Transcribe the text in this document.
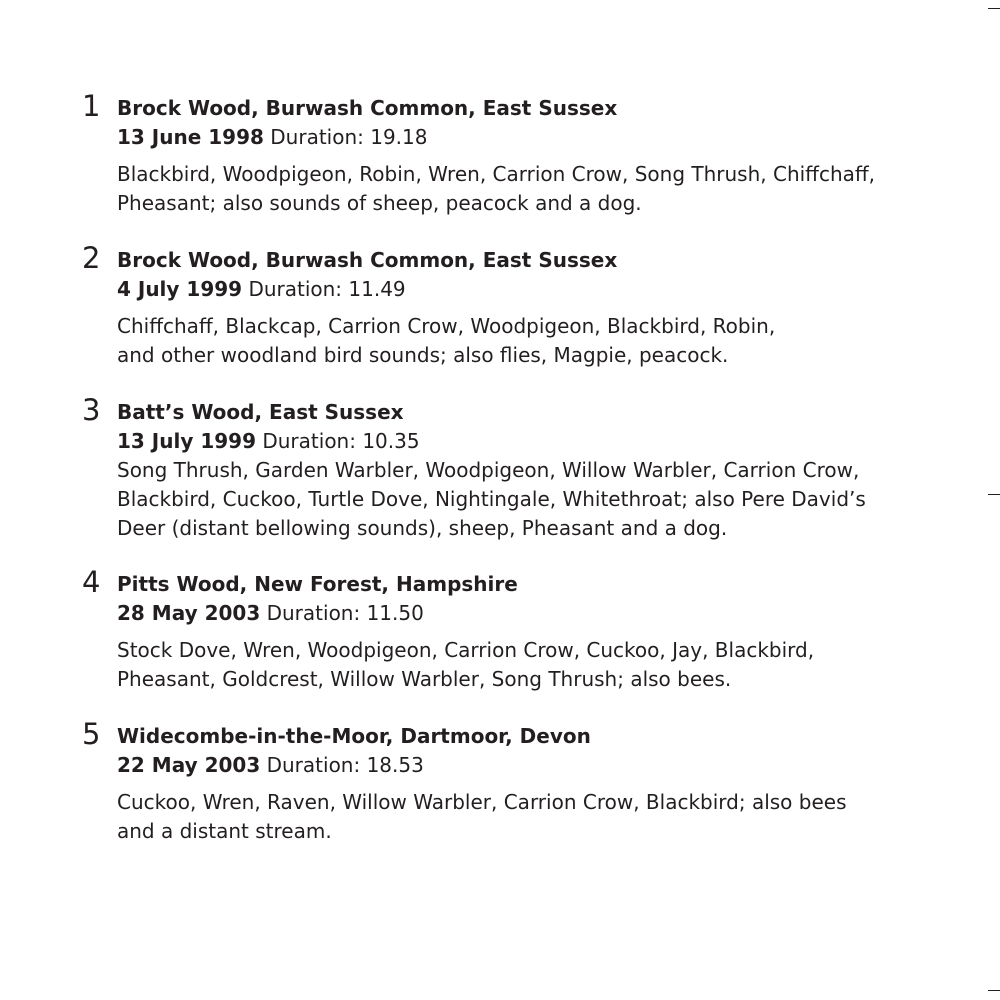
1 Brock Wood, Burwash Common, East Sussex
13 June 1998 Duration: 19.18
Blackbird, Woodpigeon, Robin, Wren, Carrion Crow, Song Thrush, Chiffchaff,
Pheasant; also sounds of sheep, peacock and a dog.
2 Brock Wood, Burwash Common, East Sussex
4 July 1999 Duration: 11.49
Chiffchaff, Blackcap, Carrion Crow, Woodpigeon, Blackbird, Robin,
and other woodland bird sounds; also flies, Magpie, peacock.
3 Batt’s Wood, East Sussex
13 July 1999 Duration: 10.35
Song Thrush, Garden Warbler, Woodpigeon, Willow Warbler, Carrion Crow,
Blackbird, Cuckoo, Turtle Dove, Nightingale, Whitethroat; also Pere David’s
Deer (distant bellowing sounds), sheep, Pheasant and a dog.
4 Pitts Wood, New Forest, Hampshire
28 May 2003 Duration: 11.50
Stock Dove, Wren, Woodpigeon, Carrion Crow, Cuckoo, Jay, Blackbird,
Pheasant, Goldcrest, Willow Warbler, Song Thrush; also bees.
5 Widecombe-in-the-Moor, Dartmoor, Devon
22 May 2003 Duration: 18.53
Cuckoo, Wren, Raven, Willow Warbler, Carrion Crow, Blackbird; also bees
and a distant stream.
